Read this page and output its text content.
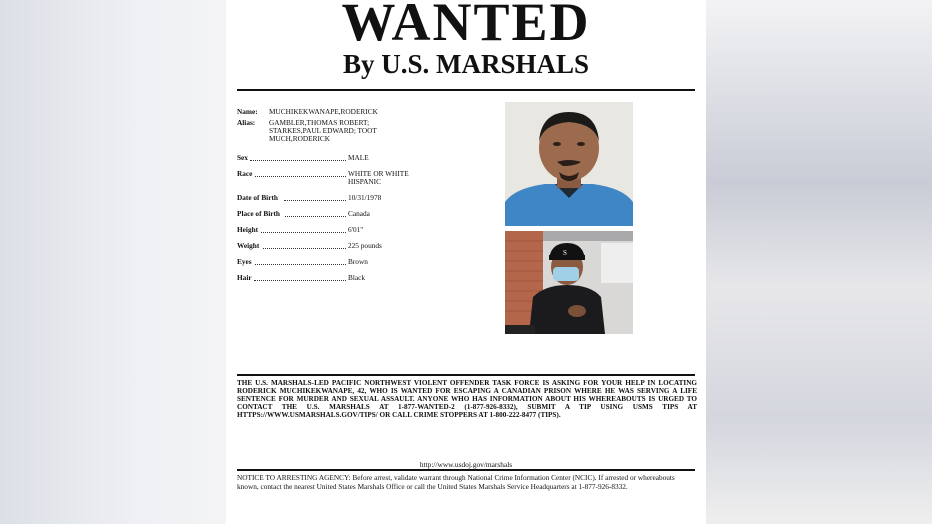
WANTED
By U.S. MARSHALS
Name: MUCHIKEKWANAPE,RODERICK
Alias: GAMBLER,THOMAS ROBERT;
STARKES,PAUL EDWARD; TOOT
MUCH,RODERICK
Sex	MALE
Race	WHITE OR WHITE
HISPANIC
Date of Birth	10/31/1978
Place of Birth	Canada
Height	6'01"
Weight	225 pounds
Eyes	Brown
Hair	Black
S
THE U.S. MARSHALS-LED PACIFIC NORTHWEST VIOLENT OFFENDER TASK FORCE IS ASKING FOR YOUR HELP IN LOCATING RODERICK MUCHIKEKWANAPE, 42, WHO IS WANTED FOR ESCAPING A CANADIAN PRISON WHERE HE WAS SERVING A LIFE SENTENCE FOR MURDER AND SEXUAL ASSAULT. ANYONE WHO HAS INFORMATION ABOUT HIS WHEREABOUTS IS URGED TO CONTACT THE U.S. MARSHALS AT 1-877-WANTED-2 (1-877-926-8332), SUBMIT A TIP USING USMS TIPS AT HTTPS://WWW.USMARSHALS.GOV/TIPS/ OR CALL CRIME STOPPERS AT 1-800-222-8477 (TIPS).
http://www.usdoj.gov/marshals
NOTICE TO ARRESTING AGENCY: Before arrest, validate warrant through National Crime Information Center (NCIC). If arrested or whereabouts known, contact the nearest United States Marshals Office or call the United States Marshals Service Headquarters at 1-877-926-8332.
